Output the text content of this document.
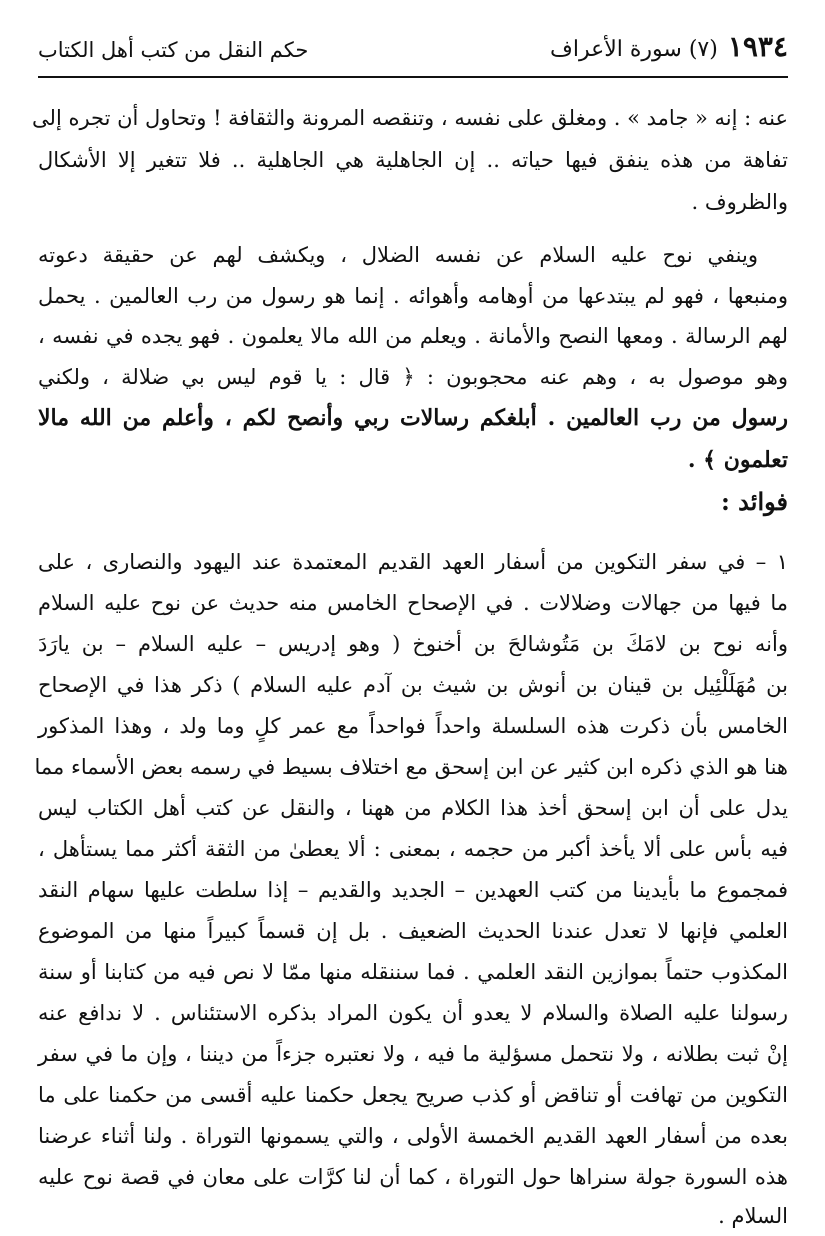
١٩٣٤
(٧) سورة الأعراف
حكم النقل من كتب أهل الكتاب
عنه : إنه « جامد » . ومغلق على نفسه ، وتنقصه المرونة والثقافة ! وتحاول أن تجره إلى
تفاهة من هذه ينفق فيها حياته .. إن الجاهلية هي الجاهلية .. فلا تتغير إلا الأشكال
والظروف .
وينفي نوح عليه السلام عن نفسه الضلال ، ويكشف لهم عن حقيقة دعوته
ومنبعها ، فهو لم يبتدعها من أوهامه وأهوائه . إنما هو رسول من رب العالمين . يحمل
لهم الرسالة . ومعها النصح والأمانة . ويعلم من الله مالا يعلمون . فهو يجده في نفسه ،
وهو موصول به ، وهم عنه محجوبون : ﴿ قال : يا قوم ليس بي ضلالة ، ولكني
رسول من رب العالمين . أبلغكم رسالات ربي وأنصح لكم ، وأعلم من الله مالا
تعلمون ﴾ .
فوائد :
١ – في سفر التكوين من أسفار العهد القديم المعتمدة عند اليهود والنصارى ، على
ما فيها من جهالات وضلالات . في الإصحاح الخامس منه حديث عن نوح عليه السلام
وأنه نوح بن لامَكَ بن مَتُوشالحَ بن أخنوخ ( وهو إدريس – عليه السلام – بن يارَدَ
بن مُهَلَلْئِيل بن قينان بن أنوش بن شيث بن آدم عليه السلام ) ذكر هذا في الإصحاح
الخامس بأن ذكرت هذه السلسلة واحداً فواحداً مع عمر كلٍ وما ولد ، وهذا المذكور
هنا هو الذي ذكره ابن كثير عن ابن إسحق مع اختلاف بسيط في رسمه بعض الأسماء مما
يدل على أن ابن إسحق أخذ هذا الكلام من ههنا ، والنقل عن كتب أهل الكتاب ليس
فيه بأس على ألا يأخذ أكبر من حجمه ، بمعنى : ألا يعطىٰ من الثقة أكثر مما يستأهل ،
فمجموع ما بأيدينا من كتب العهدين – الجديد والقديم – إذا سلطت عليها سهام النقد
العلمي فإنها لا تعدل عندنا الحديث الضعيف . بل إن قسماً كبيراً منها من الموضوع
المكذوب حتماً بموازين النقد العلمي . فما سننقله منها ممّا لا نص فيه من كتابنا أو سنة
رسولنا عليه الصلاة والسلام لا يعدو أن يكون المراد بذكره الاستئناس . لا ندافع عنه
إنْ ثبت بطلانه ، ولا نتحمل مسؤلية ما فيه ، ولا نعتبره جزءاً من ديننا ، وإن ما في سفر
التكوين من تهافت أو تناقض أو كذب صريح يجعل حكمنا عليه أقسى من حكمنا على ما
بعده من أسفار العهد القديم الخمسة الأولى ، والتي يسمونها التوراة . ولنا أثناء عرضنا
هذه السورة جولة سنراها حول التوراة ، كما أن لنا كرَّات على معان في قصة نوح عليه
السلام .
